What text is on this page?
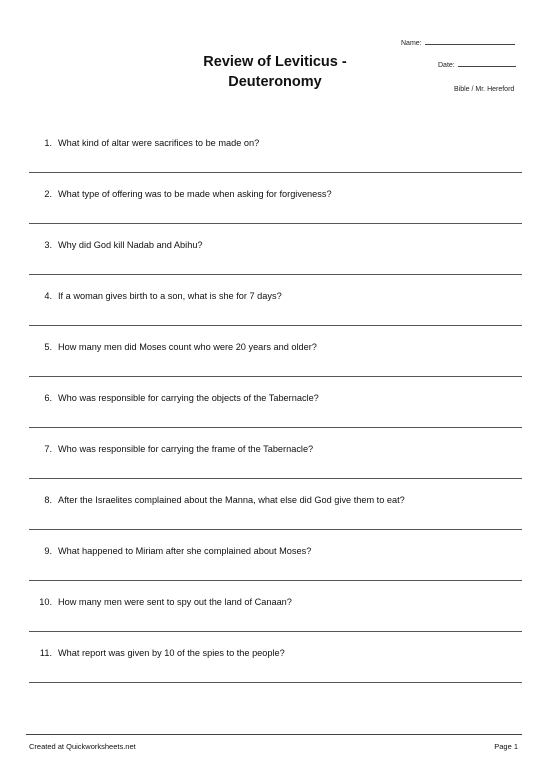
Review of Leviticus -
Deuteronomy
Name:
Date:
Bible / Mr. Hereford
1. What kind of altar were sacrifices to be made on?
2. What type of offering was to be made when asking for forgiveness?
3. Why did God kill Nadab and Abihu?
4. If a woman gives birth to a son, what is she for 7 days?
5. How many men did Moses count who were 20 years and older?
6. Who was responsible for carrying the objects of the Tabernacle?
7. Who was responsible for carrying the frame of the Tabernacle?
8. After the Israelites complained about the Manna, what else did God give them to eat?
9. What happened to Miriam after she complained about Moses?
10. How many men were sent to spy out the land of Canaan?
11. What report was given by 10 of the spies to the people?
Created at Quickworksheets.net	Page 1
